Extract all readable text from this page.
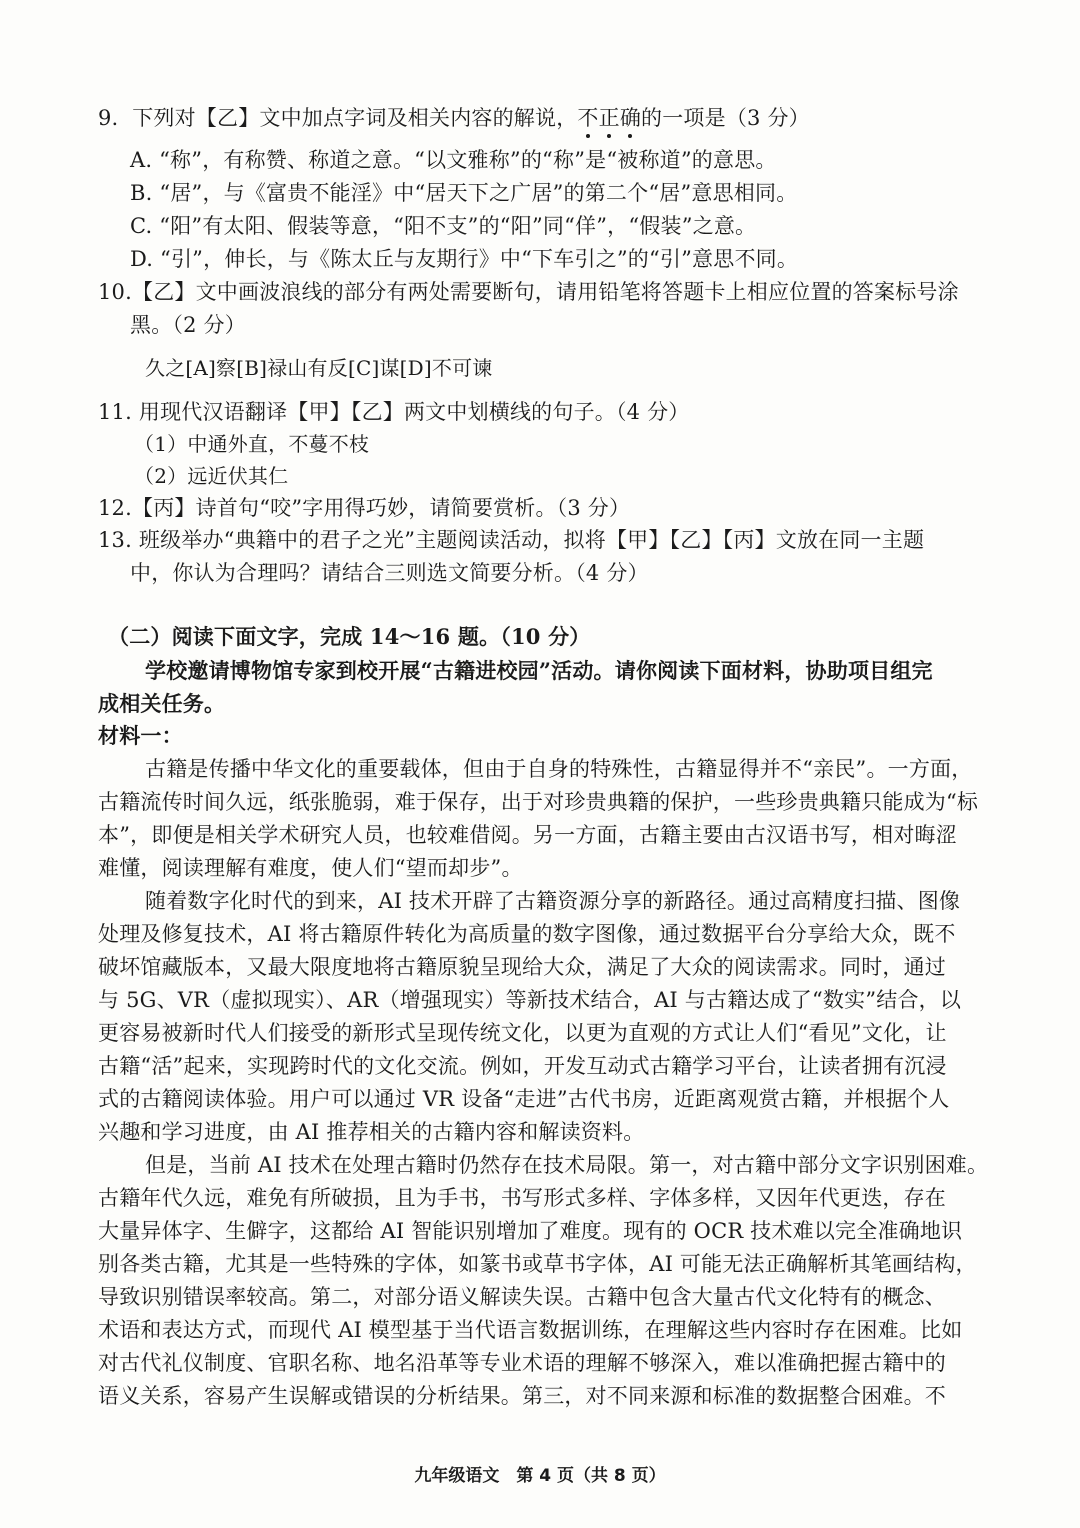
9. 下列对【乙】文中加点字词及相关内容的解说，不正确的一项是（3 分）
A. “称”，有称赞、称道之意。“以文雅称”的“称”是“被称道”的意思。
B. “居”，与《富贵不能淫》中“居天下之广居”的第二个“居”意思相同。
C. “阳”有太阳、假装等意，“阳不支”的“阳”同“佯”，“假装”之意。
D. “引”，伸长，与《陈太丘与友期行》中“下车引之”的“引”意思不同。
10.【乙】文中画波浪线的部分有两处需要断句，请用铅笔将答题卡上相应位置的答案标号涂
黑。（2 分）
久之[A]察[B]禄山有反[C]谋[D]不可谏
11. 用现代汉语翻译【甲】【乙】两文中划横线的句子。（4 分）
（1）中通外直，不蔓不枝
（2）远近伏其仁
12.【丙】诗首句“咬”字用得巧妙，请简要赏析。（3 分）
13. 班级举办“典籍中的君子之光”主题阅读活动，拟将【甲】【乙】【丙】文放在同一主题
中，你认为合理吗？请结合三则选文简要分析。（4 分）
（二）阅读下面文字，完成 14～16 题。（10 分）
学校邀请博物馆专家到校开展“古籍进校园”活动。请你阅读下面材料，协助项目组完
成相关任务。
材料一：
古籍是传播中华文化的重要载体，但由于自身的特殊性，古籍显得并不“亲民”。一方面，
古籍流传时间久远，纸张脆弱，难于保存，出于对珍贵典籍的保护，一些珍贵典籍只能成为“标
本”，即便是相关学术研究人员，也较难借阅。另一方面，古籍主要由古汉语书写，相对晦涩
难懂，阅读理解有难度，使人们“望而却步”。
随着数字化时代的到来，AI 技术开辟了古籍资源分享的新路径。通过高精度扫描、图像
处理及修复技术，AI 将古籍原件转化为高质量的数字图像，通过数据平台分享给大众，既不
破坏馆藏版本，又最大限度地将古籍原貌呈现给大众，满足了大众的阅读需求。同时，通过
与 5G、VR（虚拟现实）、AR（增强现实）等新技术结合，AI 与古籍达成了“数实”结合，以
更容易被新时代人们接受的新形式呈现传统文化，以更为直观的方式让人们“看见”文化，让
古籍“活”起来，实现跨时代的文化交流。例如，开发互动式古籍学习平台，让读者拥有沉浸
式的古籍阅读体验。用户可以通过 VR 设备“走进”古代书房，近距离观赏古籍，并根据个人
兴趣和学习进度，由 AI 推荐相关的古籍内容和解读资料。
但是，当前 AI 技术在处理古籍时仍然存在技术局限。第一，对古籍中部分文字识别困难。
古籍年代久远，难免有所破损，且为手书，书写形式多样、字体多样，又因年代更迭，存在
大量异体字、生僻字，这都给 AI 智能识别增加了难度。现有的 OCR 技术难以完全准确地识
别各类古籍，尤其是一些特殊的字体，如篆书或草书字体，AI 可能无法正确解析其笔画结构，
导致识别错误率较高。第二，对部分语义解读失误。古籍中包含大量古代文化特有的概念、
术语和表达方式，而现代 AI 模型基于当代语言数据训练，在理解这些内容时存在困难。比如
对古代礼仪制度、官职名称、地名沿革等专业术语的理解不够深入，难以准确把握古籍中的
语义关系，容易产生误解或错误的分析结果。第三，对不同来源和标准的数据整合困难。不
九年级语文　第 4 页（共 8 页）
